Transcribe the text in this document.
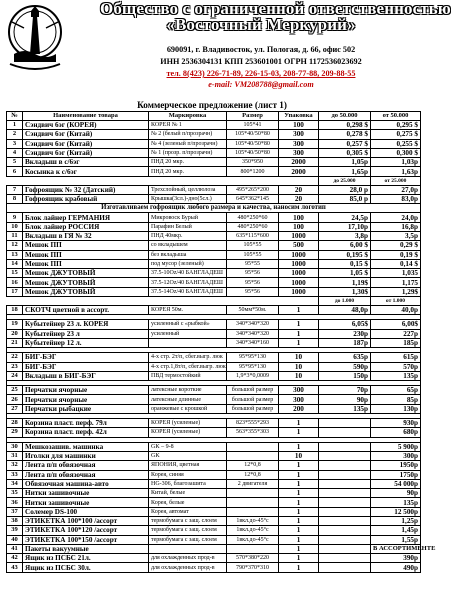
Общество с ограниченной ответственностью
«Восточный Меркурий»
690091, г. Владивосток, ул. Пологая, д. 66, офис 502
ИНН 2536304131 КПП 253601001 ОГРН 1172536023692
тел. 8(423) 226-71-89, 226-15-03, 208-77-88, 209-88-55
e-mail: VM208788@gmail.com
Коммерческое предложение (лист 1)
№	Наименование товара	Маркировка	Размер	Упаковка	до 50.000	от 50.000
1	Сэндвич 6эг (КОРЕЯ)	КОРЕЯ № 1	105*41	100	0,298 $	0,295 $
2	Сэндвич 6эг (Китай)	№ 2 (белый п/прозрачн)	105*40/50*80	300	0,278 $	0,275 $
3	Сэндвич 6эг (Китай)	№ 4 (зеленый п/прозрачн)	105*40/50*80	300	0,257 $	0,255 $
4	Сэндвич 6эг (Китай)	№ 1 (прозр. п/прозрачн)	105*40/50*80	300	0,305 $	0,300 $
5	Вкладыш в с/6эг	ПНД 20 мкр.	350*950	2000	1,05р	1,03р
6	Косынка к с/6эг	ПНД 20 мкр.	800*1200	2000	1,65р	1,63р
					до 25.000	от 25.000
7	Гофроящик № 32 (Датский)	Трехслойный, целлюлоза	495*265*200	20	28,0 р	27,0р
8	Гофроящик крабовый	Крышка(3сл.)-дно(5сл.)	645*362*145	20	85,0 р	83,0р
Изготавливаем гофроящик любого размера и качества, наносим логотип						
9	Блок лайнер ГЕРМАНИЯ	Микровоск Бурый	480*250*60	100	24,5р	24,0р
10	Блок лайнер РОССИЯ	Парафин Белый	480*250*60	100	17,10р	16,8р
11	Вкладыш в ГЯ № 32	ПНД 40мкр.	635*115*600	1000	3,8р	3,5р
12	Мешок ПП	со вкладышем	105*55	500	6,00 $	0,29 $
13	Мешок ПП	без вкладыша	105*55	1000	0,195 $	0,19 $
14	Мешок ПП	под мусор (зеленый)	95*55	1000	0,15 $	0,14 $
15	Мешок ДЖУТОВЫЙ	37.5-10Oz/40 БАНГЛАДЕШ	95*56	1000	1,05 $	1,035
16	Мешок ДЖУТОВЫЙ	37.5-12Oz/40 БАНГЛАДЕШ	95*56	1000	1,19$	1,175
17	Мешок ДЖУТОВЫЙ	37.5-14Oz/40 БАНГЛАДЕШ	95*56	1000	1,30$	1,29$
					до 1.000	от 1.000
18	СКОТЧ цветной в ассорт.	КОРЕЯ 50м.	50мм*50м.	1	48,0р	40,0р

19	Кубытейнер 23 л. КОРЕЯ	усиленный с «рыбкой»	340*340*320	1	6,05$	6,00$
20	Кубытейнер 23 л	усиленный	340*340*320	1	230р	227р
21	Кубытейнер 12 л.		340*340*160	1	187р	185р

22	БИГ-БЭГ	4-х стр. 2т/п, сбег.выгр. люк	95*95*130	10	635р	615р
23	БИГ-БЭГ	4-х стр.1,8т/п, сбег.выгр. люк	95*95*130	10	590р	570р
24	Вкладыш в БИГ-БЭГ	ПВД термостойкий	1,9*3*0,0009	10	150р	135р

25	Перчатки ячорные	латексные короткие	большой размер	300	70р	65р
26	Перчатки ячорные	латексные длинные	большой размер	300	90р	85р
27	Перчатки рыбацкие	оранжевые с крошкой	большой размер	200	135р	130р

28	Корзина пласт. перф. 79л	КОРЕЯ (усиленые)	823*555*293	1		930р
29	Корзина пласт. перф. 42л	КОРЕЯ (усиленые)	563*355*303	1		680р

30	Мешкозашив. машинка	GK – 9-8		1		5 900р
31	Иголки для машинки	GK		10		300р
32	Лента п/п обвязочная	ЯПОНИЯ, цветная	12*0,8	1		1950р
33	Лента п/п обвязочная	Корея, синяя	12*0,8	1		1750р
34	Обвязочная машина-авто	HG-306, благозашита	2 двигателя	1		54 000р
35	Нитки зашивочные	Китай, белые		1		90р
36	Нитки зашивочные	Корея, белые		1		135р
37	Солемер DS-100	Корея, автомат		1		12 500р
38	ЭТИКЕТКА 100*100 /ассорт	термобумага с защ. слоем	1вкл.до-45°c	1		1,25р
39	ЭТИКЕТКА 100*120 /ассорт	термобумага с защ. слоем	1вкл.до-45°c	1		1,45р
40	ЭТИКЕТКА 100*150 /ассорт	термобумага с защ. слоем	1вкл.до-45°c	1		1,55р
41	Пакеты вакуумные			1		В АССОРТИМЕНТЕ
42	Ящик из ПСБС 21л.	для охлажденных прод-в	570*380*220	1		390р
43	Ящик из ПСБС 30л.	для охлажденных прод-в	790*370*310	1		490р
